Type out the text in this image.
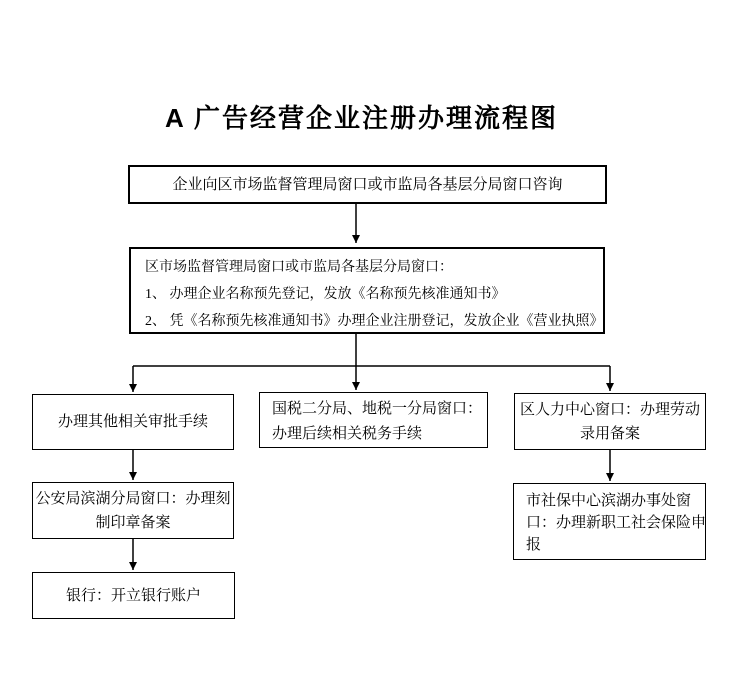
A 广告经营企业注册办理流程图
企业向区市场监督管理局窗口或市监局各基层分局窗口咨询
区市场监督管理局窗口或市监局各基层分局窗口：
1、 办理企业名称预先登记，发放《名称预先核准通知书》
2、 凭《名称预先核准通知书》办理企业注册登记，发放企业《营业执照》
办理其他相关审批手续
国税二分局、地税一分局窗口：
办理后续相关税务手续
区人力中心窗口：办理劳动
录用备案
公安局滨湖分局窗口：办理刻
制印章备案
市社保中心滨湖办事处窗
口：办理新职工社会保险申
报
银行：开立银行账户
